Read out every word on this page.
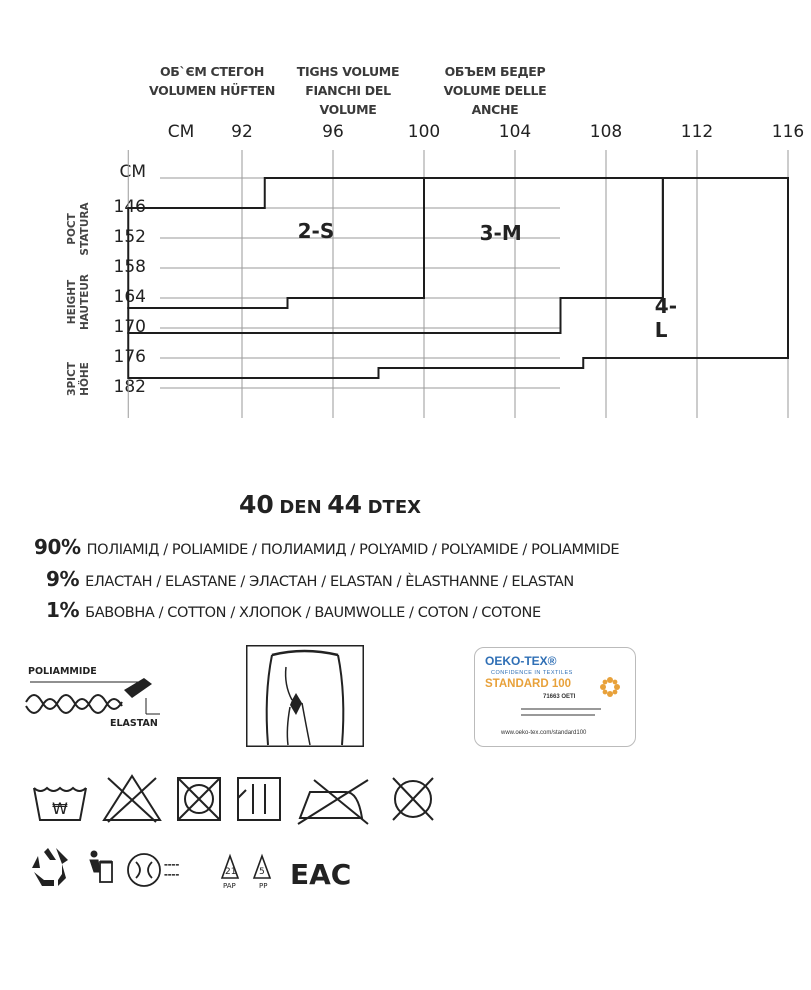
ОБ`ЄМ СТЕГОН
VOLUMEN HÜFTEN
TIGHS VOLUME
FIANCHI DEL VOLUME
ОБЪЕМ БЕДЕР
VOLUME DELLE ANCHE
CM	92	96	100	104	108	112	116
CM
146
152
158
164
170
176
182
РОСТ STATURA
HEIGHT HAUTEUR
ЗРІСТ HÖHE
2-S	3-M
4-L
40 DEN 44 DTEX
90% ПОЛІАМІД / POLIAMIDE / ПОЛИАМИД / POLYAMID / POLYAMIDE / POLIAMMIDE
9% ЕЛАСТАН / ELASTANE / ЭЛАСТАН / ELASTAN / ÈLASTHANNE / ELASTAN
1% БАВОВНА / COTTON / ХЛОПОК / BAUMWOLLE / COTON / COTONE
POLIAMMIDE
ELASTAN
OEKO-TEX®
CONFIDENCE IN TEXTILES
STANDARD 100
71663 OETI
www.oeko-tex.com/standard100
₩
▬▬▬▬
▬▬▬▬	21	5 EAC
PAP	PP
